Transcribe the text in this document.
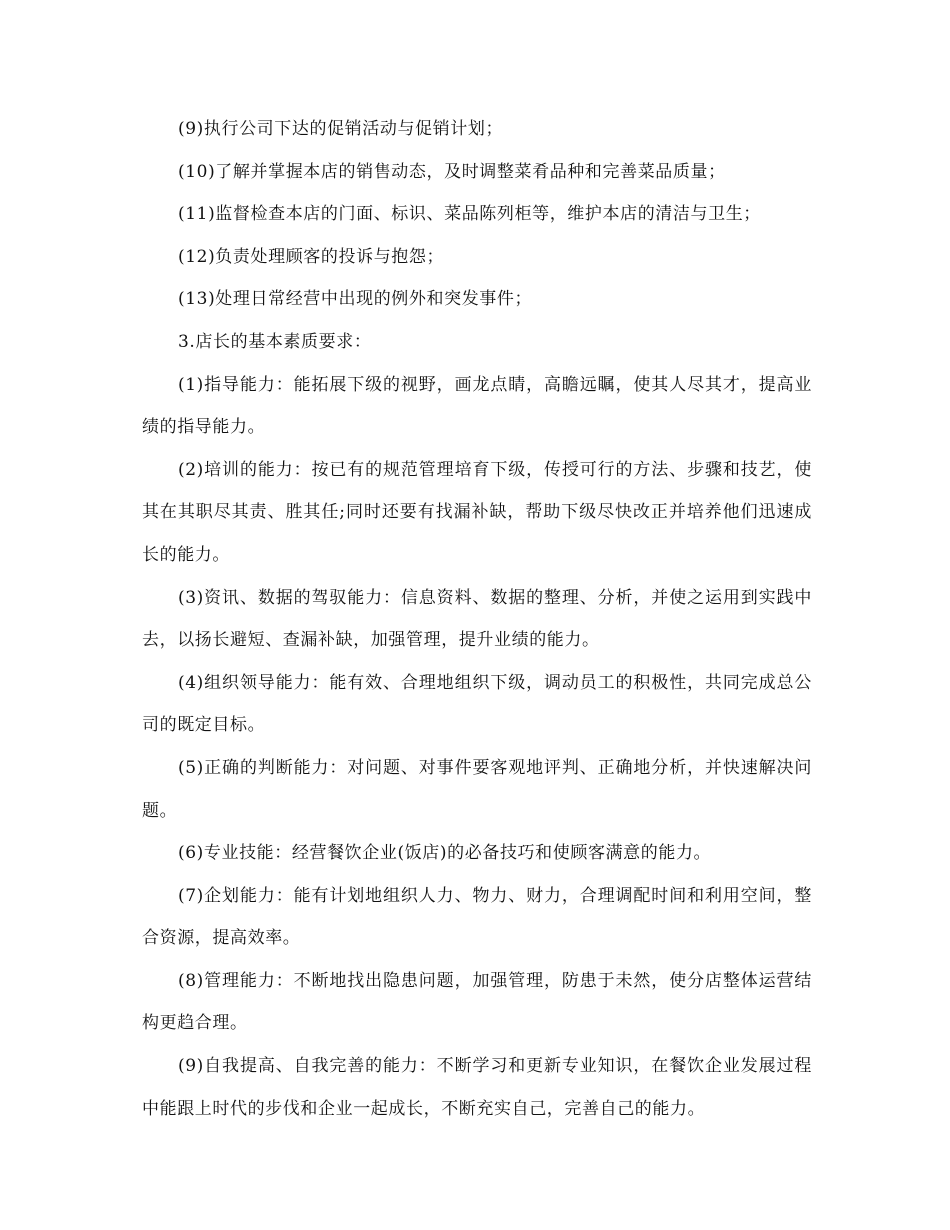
(9)执行公司下达的促销活动与促销计划；

(10)了解并掌握本店的销售动态，及时调整菜肴品种和完善菜品质量；

(11)监督检查本店的门面、标识、菜品陈列柜等，维护本店的清洁与卫生；

(12)负责处理顾客的投诉与抱怨；

(13)处理日常经营中出现的例外和突发事件；

3.店长的基本素质要求：

(1)指导能力：能拓展下级的视野，画龙点睛，高瞻远瞩，使其人尽其才，提高业绩的指导能力。

(2)培训的能力：按已有的规范管理培育下级，传授可行的方法、步骤和技艺，使其在其职尽其责、胜其任;同时还要有找漏补缺，帮助下级尽快改正并培养他们迅速成长的能力。

(3)资讯、数据的驾驭能力：信息资料、数据的整理、分析，并使之运用到实践中去，以扬长避短、查漏补缺，加强管理，提升业绩的能力。

(4)组织领导能力：能有效、合理地组织下级，调动员工的积极性，共同完成总公司的既定目标。

(5)正确的判断能力：对问题、对事件要客观地评判、正确地分析，并快速解决问题。

(6)专业技能：经营餐饮企业(饭店)的必备技巧和使顾客满意的能力。

(7)企划能力：能有计划地组织人力、物力、财力，合理调配时间和利用空间，整合资源，提高效率。

(8)管理能力：不断地找出隐患问题，加强管理，防患于未然，使分店整体运营结构更趋合理。

(9)自我提高、自我完善的能力：不断学习和更新专业知识，在餐饮企业发展过程中能跟上时代的步伐和企业一起成长，不断充实自己，完善自己的能力。
